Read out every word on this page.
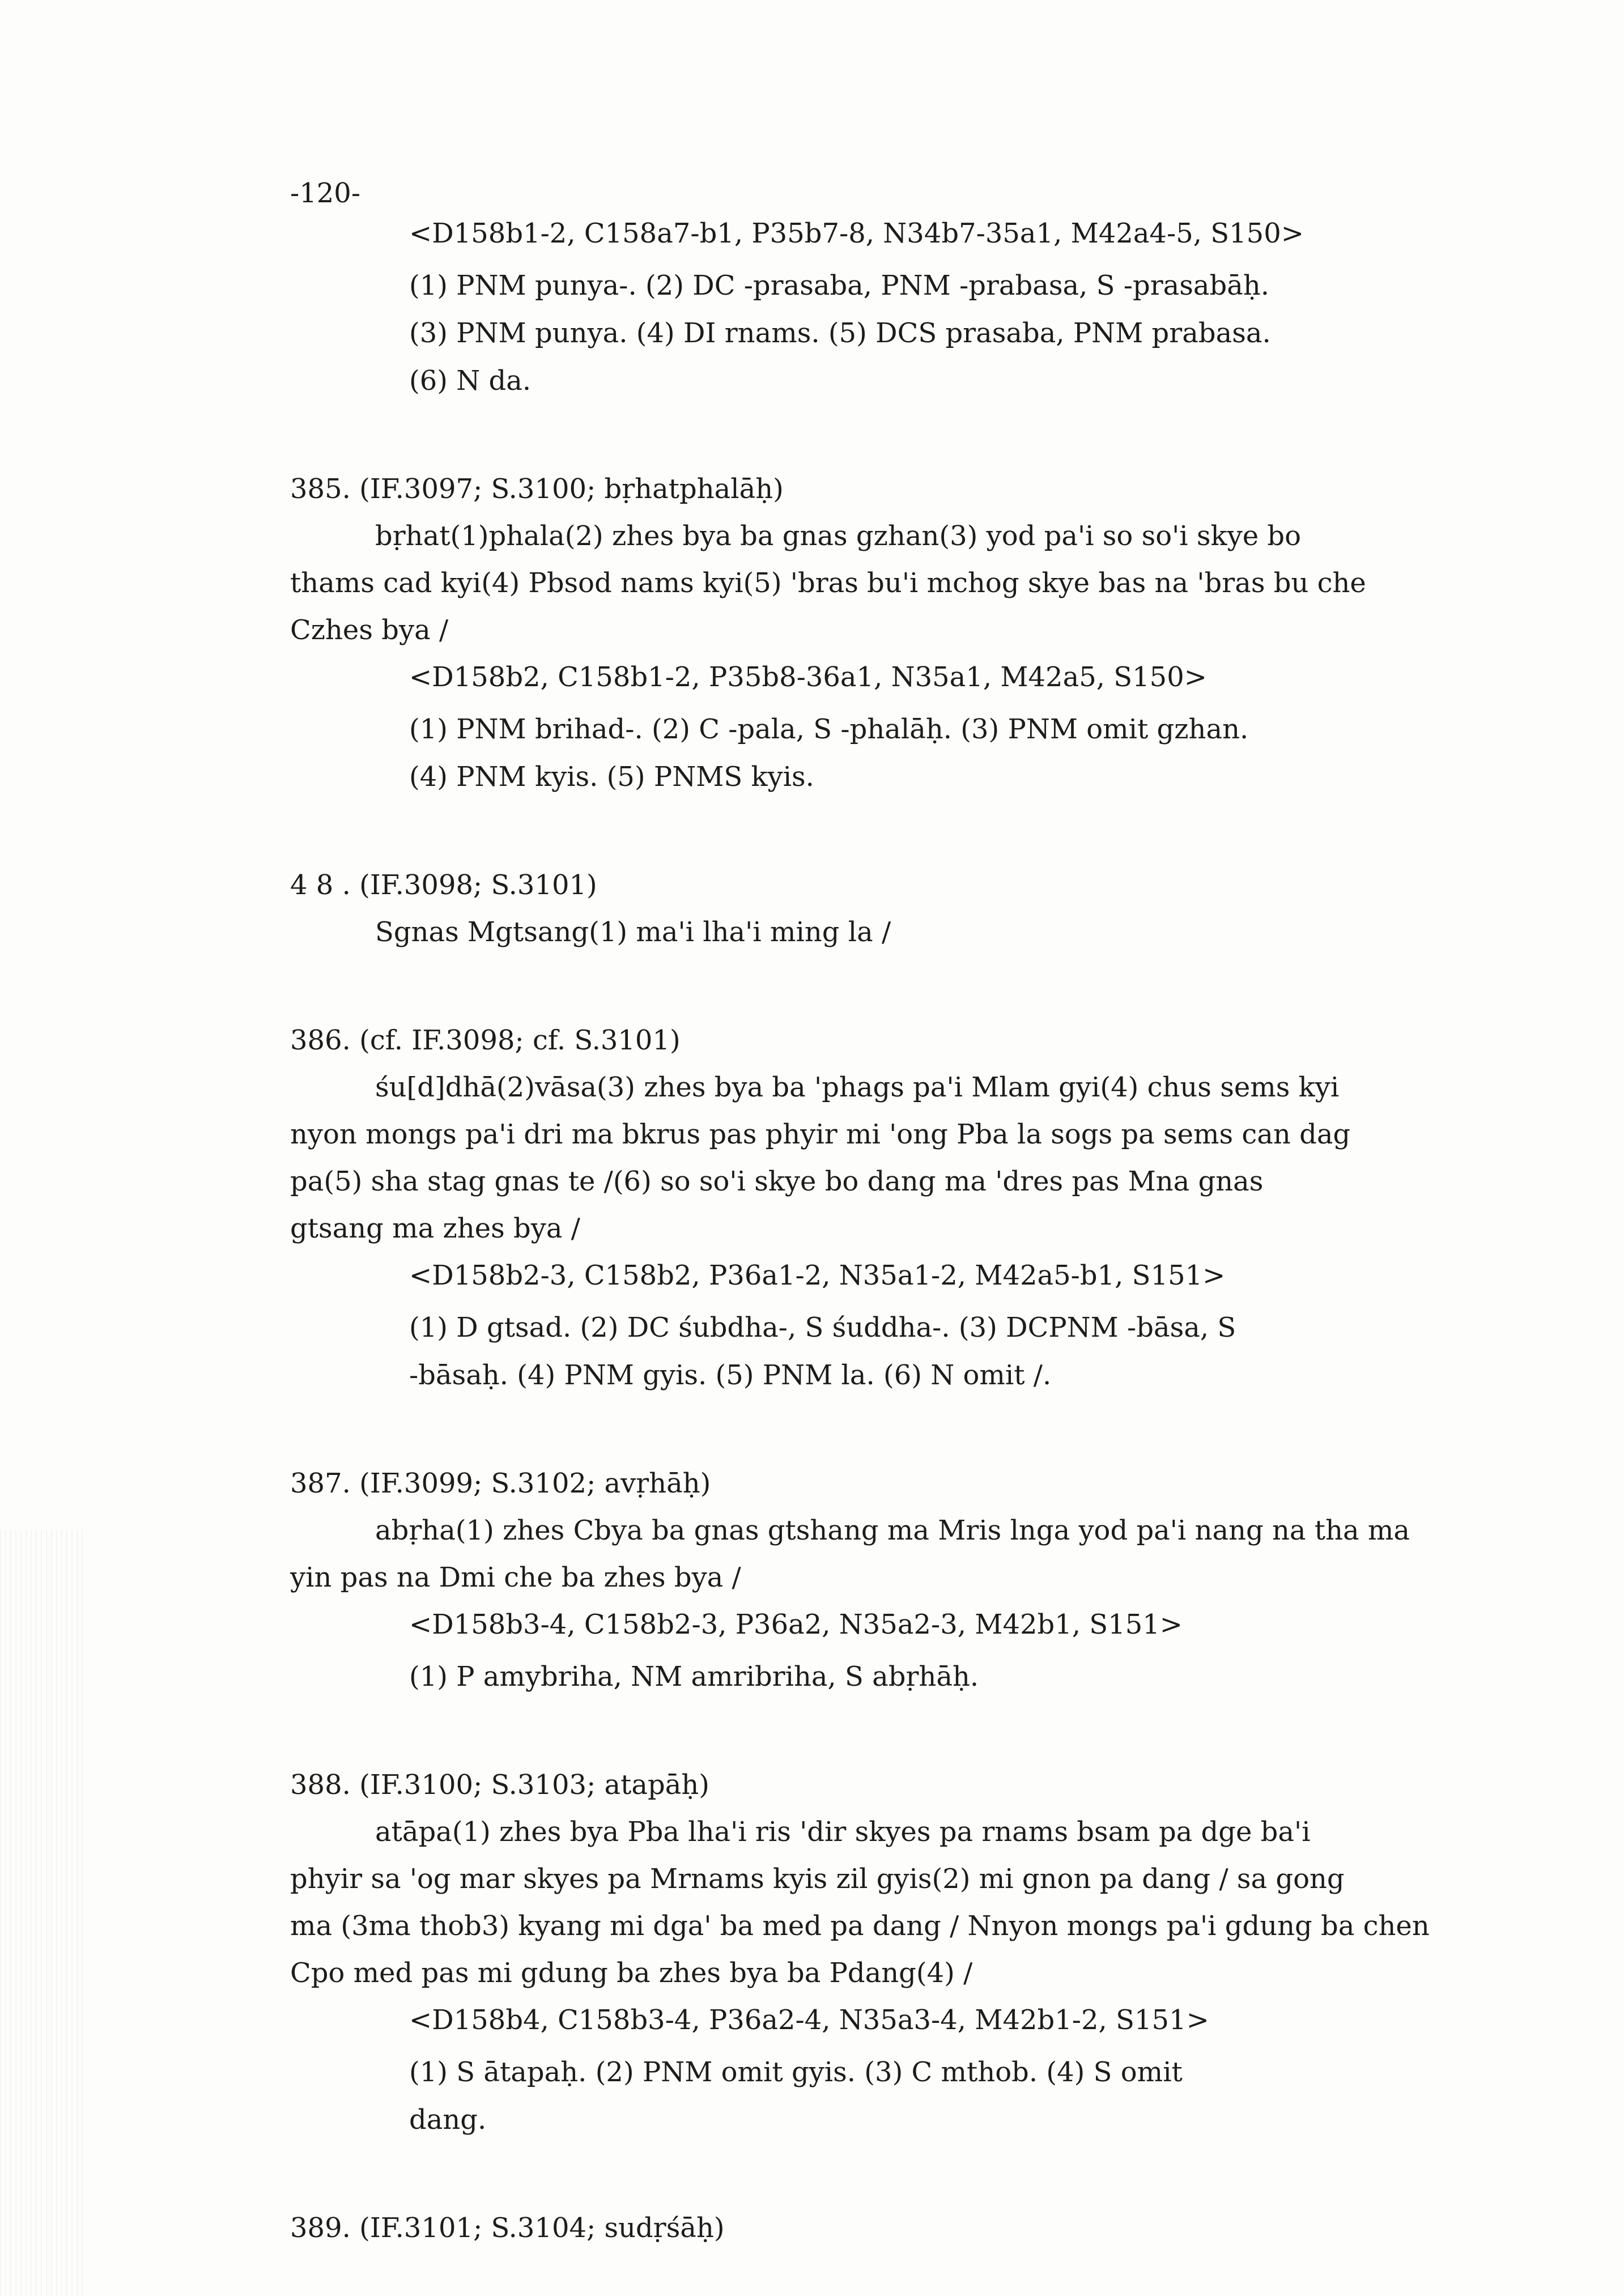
-120-
<D158b1-2, C158a7-b1, P35b7-8, N34b7-35a1, M42a4-5, S150>
(1) PNM punya-. (2) DC -prasaba, PNM -prabasa, S -prasabāḥ.
(3) PNM punya. (4) DI rnams. (5) DCS prasaba, PNM prabasa.
(6) N da.
385. (IF.3097; S.3100; bṛhatphalāḥ)
bṛhat(1)phala(2) zhes bya ba gnas gzhan(3) yod pa'i so so'i skye bo
thams cad kyi(4) Pbsod nams kyi(5) 'bras bu'i mchog skye bas na 'bras bu che
Czhes bya /
<D158b2, C158b1-2, P35b8-36a1, N35a1, M42a5, S150>
(1) PNM brihad-. (2) C -pala, S -phalāḥ. (3) PNM omit gzhan.
(4) PNM kyis. (5) PNMS kyis.
4 8 . (IF.3098; S.3101)
Sgnas Mgtsang(1) ma'i lha'i ming la /
386. (cf. IF.3098; cf. S.3101)
śu[d]dhā(2)vāsa(3) zhes bya ba 'phags pa'i Mlam gyi(4) chus sems kyi
nyon mongs pa'i dri ma bkrus pas phyir mi 'ong Pba la sogs pa sems can dag
pa(5) sha stag gnas te /(6) so so'i skye bo dang ma 'dres pas Mna gnas
gtsang ma zhes bya /
<D158b2-3, C158b2, P36a1-2, N35a1-2, M42a5-b1, S151>
(1) D gtsad. (2) DC śubdha-, S śuddha-. (3) DCPNM -bāsa, S
-bāsaḥ. (4) PNM gyis. (5) PNM la. (6) N omit /.
387. (IF.3099; S.3102; avṛhāḥ)
abṛha(1) zhes Cbya ba gnas gtshang ma Mris lnga yod pa'i nang na tha ma
yin pas na Dmi che ba zhes bya /
<D158b3-4, C158b2-3, P36a2, N35a2-3, M42b1, S151>
(1) P amybriha, NM amribriha, S abṛhāḥ.
388. (IF.3100; S.3103; atapāḥ)
atāpa(1) zhes bya Pba lha'i ris 'dir skyes pa rnams bsam pa dge ba'i
phyir sa 'og mar skyes pa Mrnams kyis zil gyis(2) mi gnon pa dang / sa gong
ma (3ma thob3) kyang mi dga' ba med pa dang / Nnyon mongs pa'i gdung ba chen
Cpo med pas mi gdung ba zhes bya ba Pdang(4) /
<D158b4, C158b3-4, P36a2-4, N35a3-4, M42b1-2, S151>
(1) S ātapaḥ. (2) PNM omit gyis. (3) C mthob. (4) S omit
dang.
389. (IF.3101; S.3104; sudṛśāḥ)
